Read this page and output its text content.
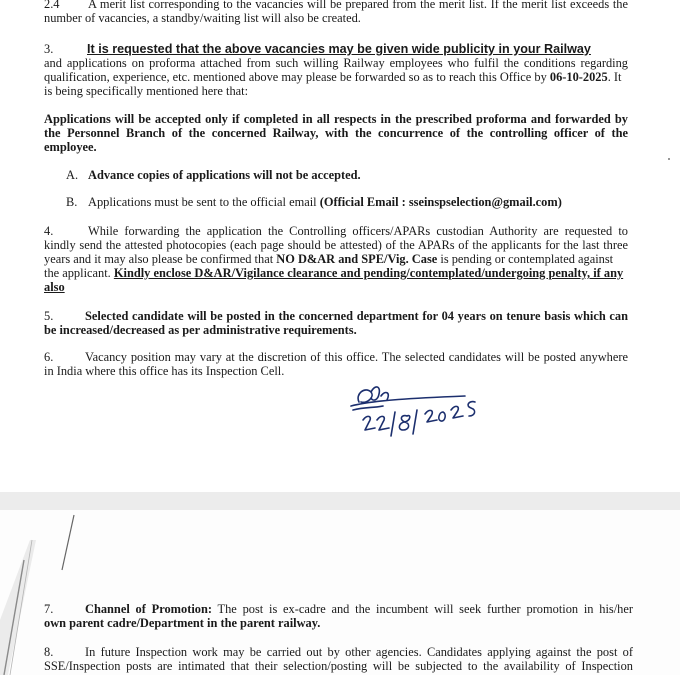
2.4 A merit list corresponding to the vacancies will be prepared from the merit list. If the merit list exceeds the
number of vacancies, a standby/waiting list will also be created.
3.	It is requested that the above vacancies may be given wide publicity in your Railway
and applications on proforma attached from such willing Railway employees who fulfil the conditions regarding
qualification, experience, etc. mentioned above may please be forwarded so as to reach this Office by 06-10-2025. It
is being specifically mentioned here that:
Applications will be accepted only if completed in all respects in the prescribed proforma and forwarded by
the Personnel Branch of the concerned Railway, with the concurrence of the controlling officer of the
employee.
A. Advance copies of applications will not be accepted.
B. Applications must be sent to the official email (Official Email : sseinspselection@gmail.com)
4.	While forwarding the application the Controlling officers/APARs custodian Authority are requested to
kindly send the attested photocopies (each page should be attested) of the APARs of the applicants for the last three
years and it may also please be confirmed that NO D&AR and SPE/Vig. Case is pending or contemplated against
the applicant. Kindly enclose D&AR/Vigilance clearance and pending/contemplated/undergoing penalty, if any
also
5.	Selected candidate will be posted in the concerned department for 04 years on tenure basis which can
be increased/decreased as per administrative requirements.
6.	Vacancy position may vary at the discretion of this office. The selected candidates will be posted anywhere
in India where this office has its Inspection Cell.
7.	Channel of Promotion: The post is ex-cadre and the incumbent will seek further promotion in his/her
own parent cadre/Department in the parent railway.
8.	In future Inspection work may be carried out by other agencies. Candidates applying against the post of
SSE/Inspection posts are intimated that their selection/posting will be subjected to the availability of Inspection
